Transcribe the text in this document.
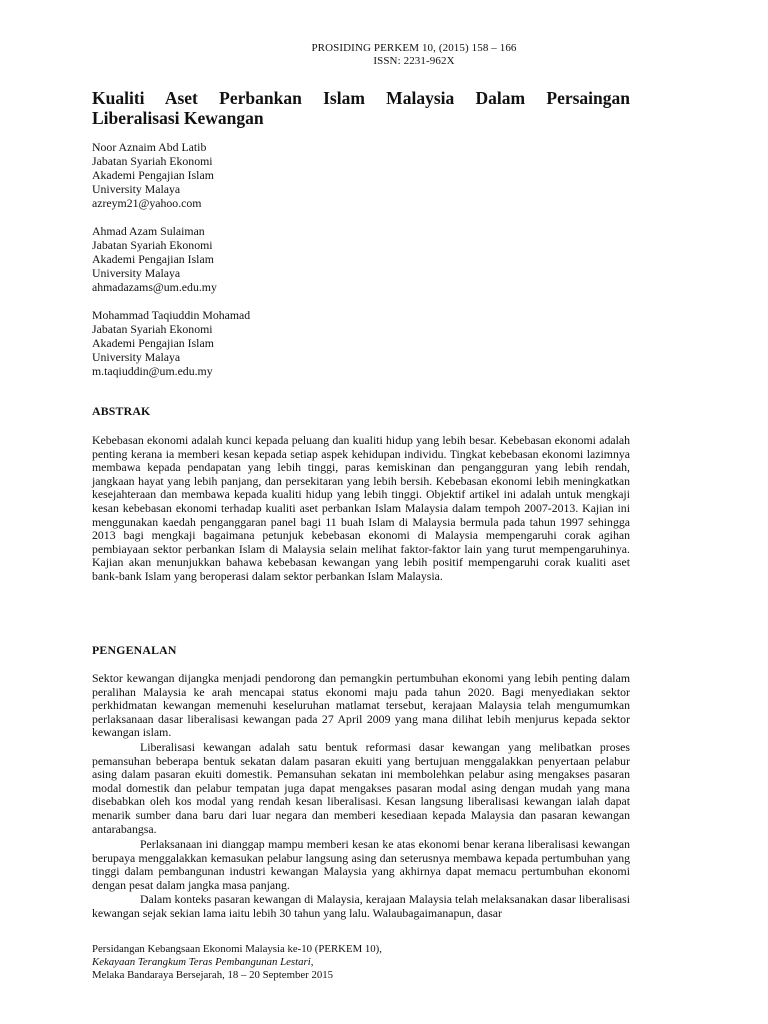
PROSIDING PERKEM 10, (2015) 158 – 166
ISSN: 2231-962X
Kualiti Aset Perbankan Islam Malaysia Dalam Persaingan
Liberalisasi Kewangan
Noor Aznaim Abd Latib
Jabatan Syariah Ekonomi
Akademi Pengajian Islam
University Malaya
azreym21@yahoo.com
Ahmad Azam Sulaiman
Jabatan Syariah Ekonomi
Akademi Pengajian Islam
University Malaya
ahmadazams@um.edu.my
Mohammad Taqiuddin Mohamad
Jabatan Syariah Ekonomi
Akademi Pengajian Islam
University Malaya
m.taqiuddin@um.edu.my
ABSTRAK
Kebebasan ekonomi adalah kunci kepada peluang dan kualiti hidup yang lebih besar. Kebebasan ekonomi adalah penting kerana ia memberi kesan kepada setiap aspek kehidupan individu. Tingkat kebebasan ekonomi lazimnya membawa kepada pendapatan yang lebih tinggi, paras kemiskinan dan pengangguran yang lebih rendah, jangkaan hayat yang lebih panjang, dan persekitaran yang lebih bersih. Kebebasan ekonomi lebih meningkatkan kesejahteraan dan membawa kepada kualiti hidup yang lebih tinggi. Objektif artikel ini adalah untuk mengkaji kesan kebebasan ekonomi terhadap kualiti aset perbankan Islam Malaysia dalam tempoh 2007-2013. Kajian ini menggunakan kaedah penganggaran panel bagi 11 buah Islam di Malaysia bermula pada tahun 1997 sehingga 2013 bagi mengkaji bagaimana petunjuk kebebasan ekonomi di Malaysia mempengaruhi corak agihan pembiayaan sektor perbankan Islam di Malaysia selain melihat faktor-faktor lain yang turut mempengaruhinya. Kajian akan menunjukkan bahawa kebebasan kewangan yang lebih positif mempengaruhi corak kualiti aset bank-bank Islam yang beroperasi dalam sektor perbankan Islam Malaysia.
PENGENALAN
Sektor kewangan dijangka menjadi pendorong dan pemangkin pertumbuhan ekonomi yang lebih penting dalam peralihan Malaysia ke arah mencapai status ekonomi maju pada tahun 2020. Bagi menyediakan sektor perkhidmatan kewangan memenuhi keseluruhan matlamat tersebut, kerajaan Malaysia telah mengumumkan perlaksanaan dasar liberalisasi kewangan pada 27 April 2009 yang mana dilihat lebih menjurus kepada sektor kewangan islam.
Liberalisasi kewangan adalah satu bentuk reformasi dasar kewangan yang melibatkan proses pemansuhan beberapa bentuk sekatan dalam pasaran ekuiti yang bertujuan menggalakkan penyertaan pelabur asing dalam pasaran ekuiti domestik. Pemansuhan sekatan ini membolehkan pelabur asing mengakses pasaran modal domestik dan pelabur tempatan juga dapat mengakses pasaran modal asing dengan mudah yang mana disebabkan oleh kos modal yang rendah kesan liberalisasi. Kesan langsung liberalisasi kewangan ialah dapat menarik sumber dana baru dari luar negara dan memberi kesediaan kepada Malaysia dan pasaran kewangan antarabangsa.
Perlaksanaan ini dianggap mampu memberi kesan ke atas ekonomi benar kerana liberalisasi kewangan berupaya menggalakkan kemasukan pelabur langsung asing dan seterusnya membawa kepada pertumbuhan yang tinggi dalam pembangunan industri kewangan Malaysia yang akhirnya dapat memacu pertumbuhan ekonomi dengan pesat dalam jangka masa panjang.
Dalam konteks pasaran kewangan di Malaysia, kerajaan Malaysia telah melaksanakan dasar liberalisasi kewangan sejak sekian lama iaitu lebih 30 tahun yang lalu. Walaubagaimanapun, dasar
Persidangan Kebangsaan Ekonomi Malaysia ke-10 (PERKEM 10),
Kekayaan Terangkum Teras Pembangunan Lestari,
Melaka Bandaraya Bersejarah, 18 – 20 September 2015
